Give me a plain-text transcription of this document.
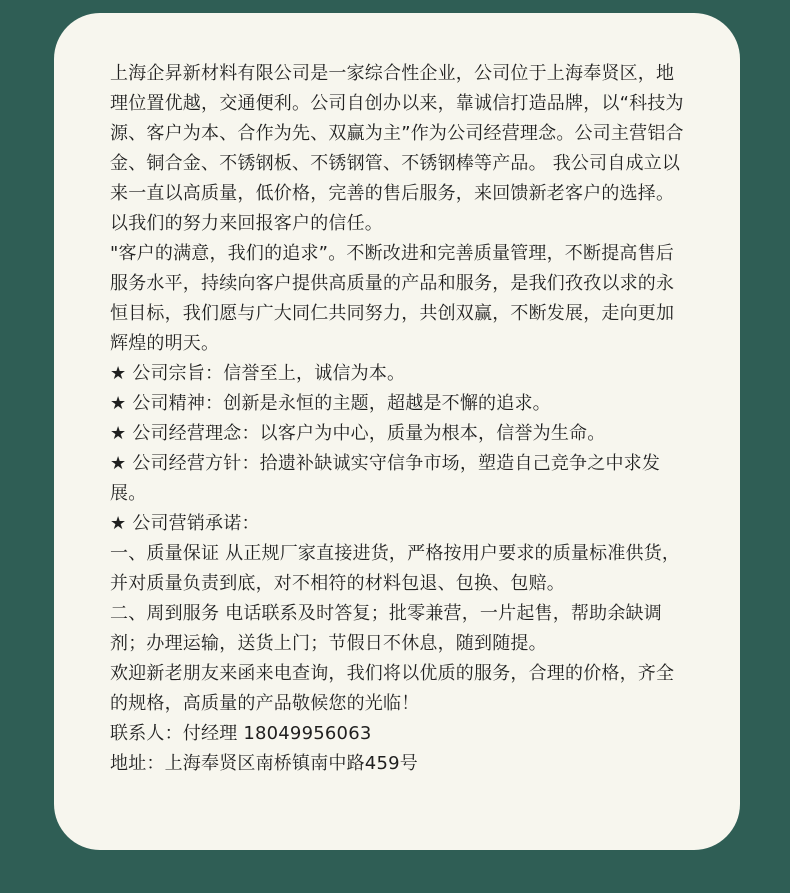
上海企昇新材料有限公司是一家综合性企业，公司位于上海奉贤区，地理位置优越，交通便利。公司自创办以来，靠诚信打造品牌，以“科技为源、客户为本、合作为先、双赢为主”作为公司经营理念。公司主营铝合金、铜合金、不锈钢板、不锈钢管、不锈钢棒等产品。 我公司自成立以来一直以高质量，低价格，完善的售后服务，来回馈新老客户的选择。以我们的努力来回报客户的信任。

"客户的满意，我们的追求”。不断改进和完善质量管理，不断提高售后服务水平，持续向客户提供高质量的产品和服务，是我们孜孜以求的永恒目标，我们愿与广大同仁共同努力，共创双赢，不断发展，走向更加辉煌的明天。

★ 公司宗旨：信誉至上，诚信为本。

★ 公司精神：创新是永恒的主题，超越是不懈的追求。

★ 公司经营理念：以客户为中心，质量为根本，信誉为生命。

★ 公司经营方针：拾遗补缺诚实守信争市场，塑造自己竞争之中求发展。

★ 公司营销承诺：

一、质量保证 从正规厂家直接进货，严格按用户要求的质量标准供货，并对质量负责到底，对不相符的材料包退、包换、包赔。

二、周到服务 电话联系及时答复；批零兼营，一片起售，帮助余缺调剂；办理运输，送货上门；节假日不休息，随到随提。

欢迎新老朋友来函来电查询，我们将以优质的服务，合理的价格，齐全的规格，高质量的产品敬候您的光临！

联系人：付经理 18049956063

地址：上海奉贤区南桥镇南中路459号
